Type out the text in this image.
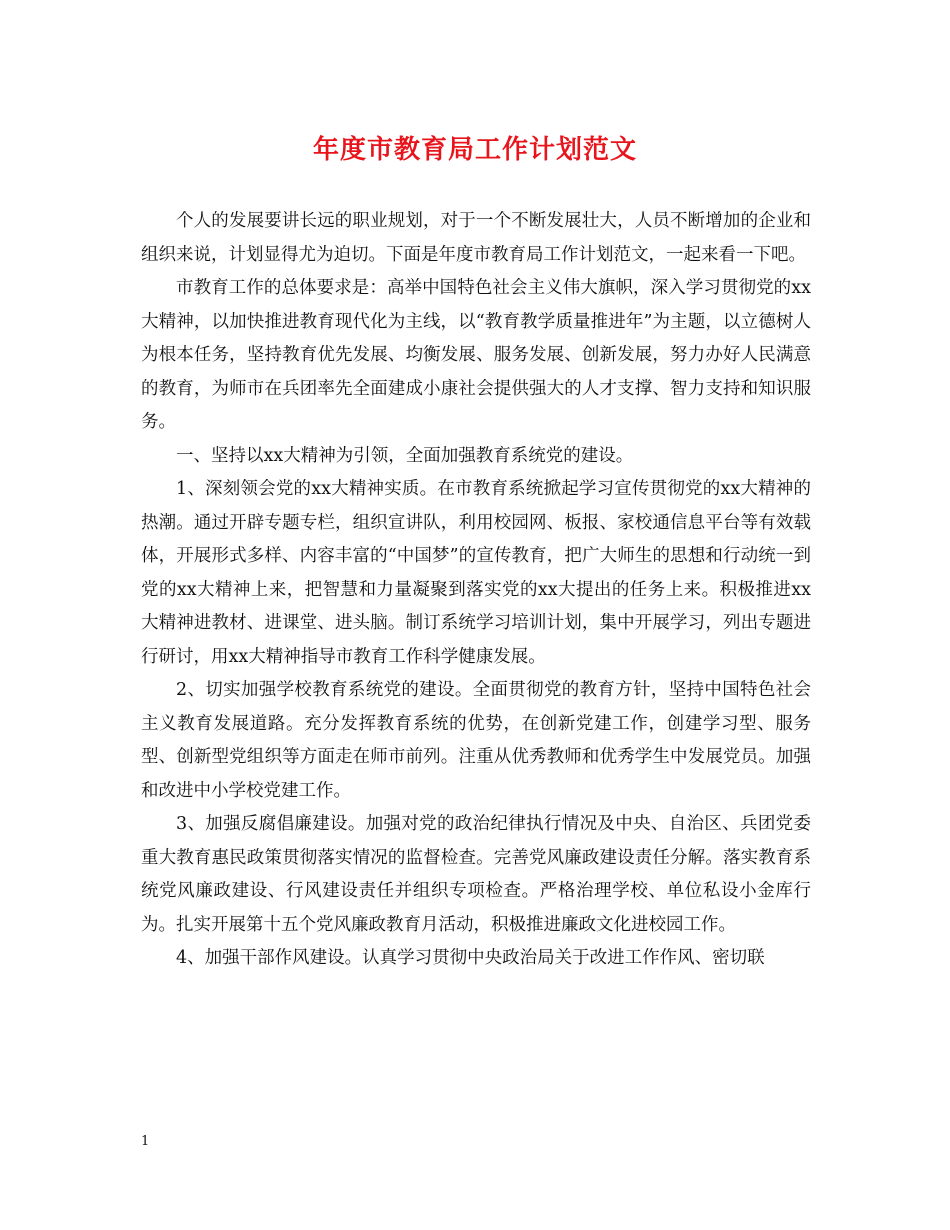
年度市教育局工作计划范文

个人的发展要讲长远的职业规划，对于一个不断发展壮大，人员不断增加的企业和组织来说，计划显得尤为迫切。下面是年度市教育局工作计划范文，一起来看一下吧。

市教育工作的总体要求是：高举中国特色社会主义伟大旗帜，深入学习贯彻党的xx大精神，以加快推进教育现代化为主线，以“教育教学质量推进年”为主题，以立德树人为根本任务，坚持教育优先发展、均衡发展、服务发展、创新发展，努力办好人民满意的教育，为师市在兵团率先全面建成小康社会提供强大的人才支撑、智力支持和知识服务。

一、坚持以xx大精神为引领，全面加强教育系统党的建设。

1、深刻领会党的xx大精神实质。在市教育系统掀起学习宣传贯彻党的xx大精神的热潮。通过开辟专题专栏，组织宣讲队，利用校园网、板报、家校通信息平台等有效载体，开展形式多样、内容丰富的“中国梦”的宣传教育，把广大师生的思想和行动统一到党的xx大精神上来，把智慧和力量凝聚到落实党的xx大提出的任务上来。积极推进xx大精神进教材、进课堂、进头脑。制订系统学习培训计划，集中开展学习，列出专题进行研讨，用xx大精神指导市教育工作科学健康发展。

2、切实加强学校教育系统党的建设。全面贯彻党的教育方针，坚持中国特色社会主义教育发展道路。充分发挥教育系统的优势，在创新党建工作，创建学习型、服务型、创新型党组织等方面走在师市前列。注重从优秀教师和优秀学生中发展党员。加强和改进中小学校党建工作。

3、加强反腐倡廉建设。加强对党的政治纪律执行情况及中央、自治区、兵团党委重大教育惠民政策贯彻落实情况的监督检查。完善党风廉政建设责任分解。落实教育系统党风廉政建设、行风建设责任并组织专项检查。严格治理学校、单位私设小金库行为。扎实开展第十五个党风廉政教育月活动，积极推进廉政文化进校园工作。

4、加强干部作风建设。认真学习贯彻中央政治局关于改进工作作风、密切联

1
